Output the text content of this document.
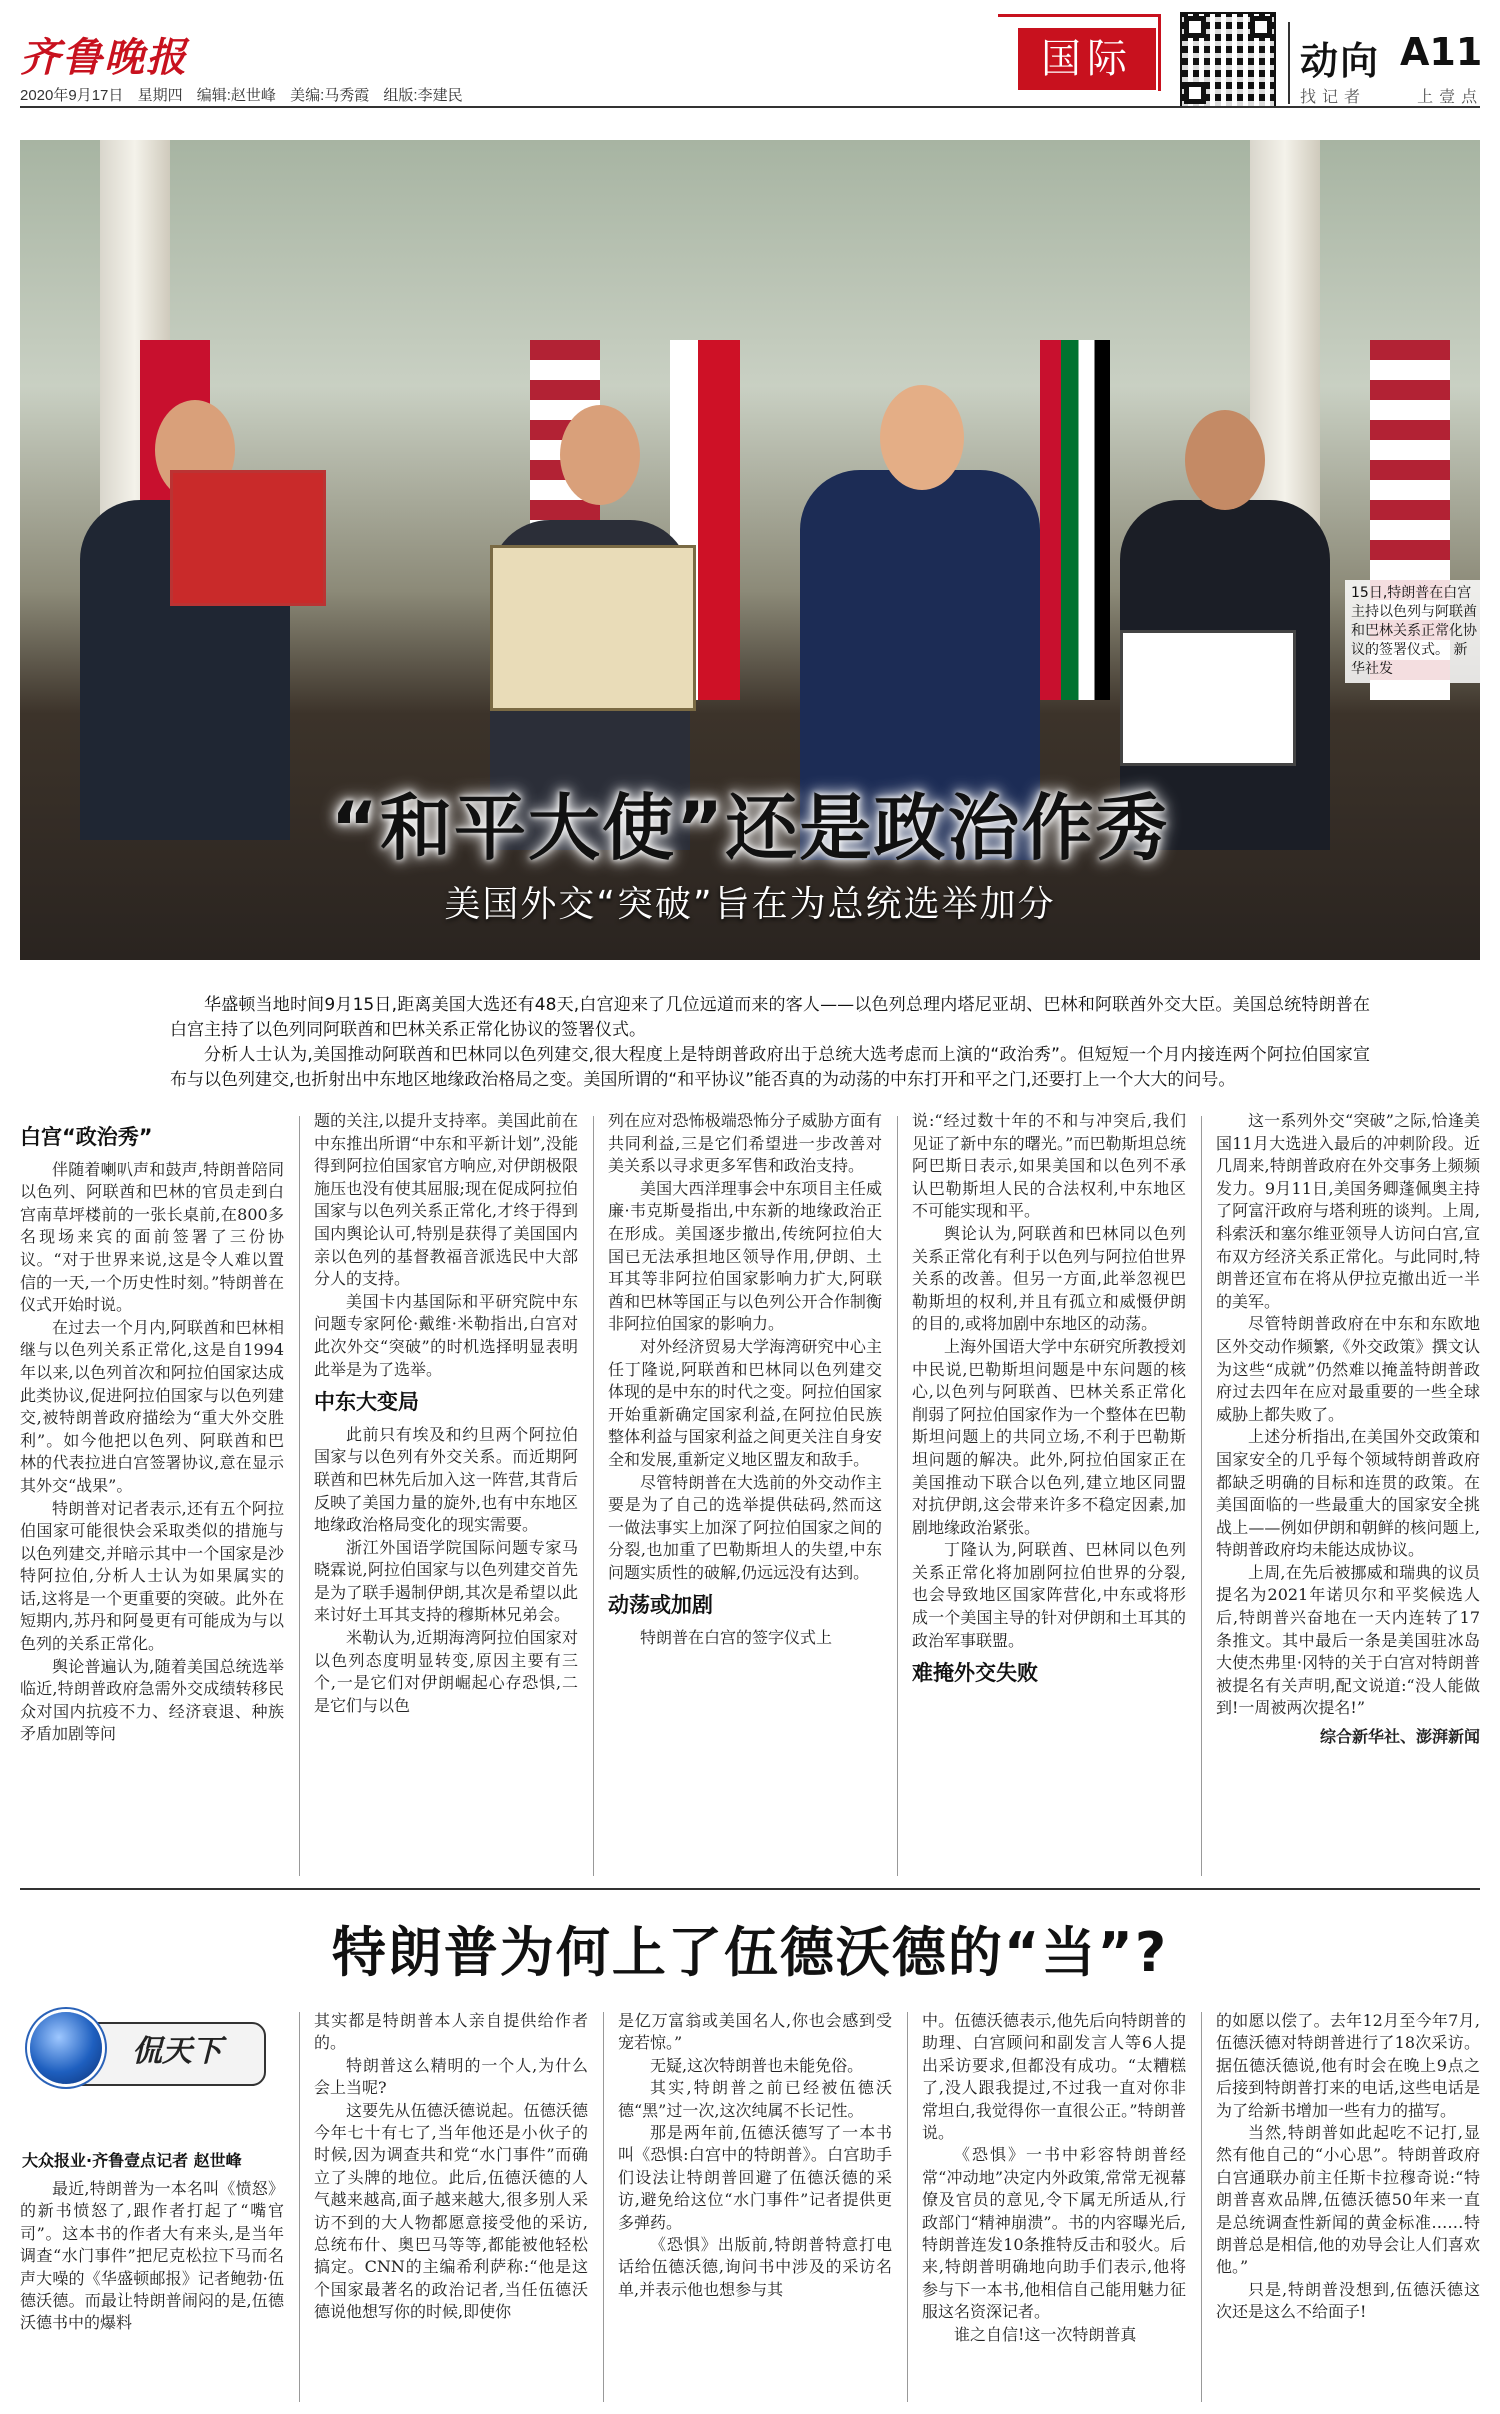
齐鲁晚报
2020年9月17日 星期四 编辑:赵世峰 美编:马秀霞 组版:李建民
国际	动向 A11
找记者 上壹点
15日,特朗普在白宫主持以色列与阿联酋和巴林关系正常化协议的签署仪式。 新华社发
“和平大使”还是政治作秀
美国外交“突破”旨在为总统选举加分

华盛顿当地时间9月15日,距离美国大选还有48天,白宫迎来了几位远道而来的客人——以色列总理内塔尼亚胡、巴林和阿联酋外交大臣。美国总统特朗普在白宫主持了以色列同阿联酋和巴林关系正常化协议的签署仪式。

分析人士认为,美国推动阿联酋和巴林同以色列建交,很大程度上是特朗普政府出于总统大选考虑而上演的“政治秀”。但短短一个月内接连两个阿拉伯国家宣布与以色列建交,也折射出中东地区地缘政治格局之变。美国所谓的“和平协议”能否真的为动荡的中东打开和平之门,还要打上一个大大的问号。

白宫“政治秀”

伴随着喇叭声和鼓声,特朗普陪同以色列、阿联酋和巴林的官员走到白宫南草坪楼前的一张长桌前,在800多名现场来宾的面前签署了三份协议。“对于世界来说,这是令人难以置信的一天,一个历史性时刻。”特朗普在仪式开始时说。

在过去一个月内,阿联酋和巴林相继与以色列关系正常化,这是自1994年以来,以色列首次和阿拉伯国家达成此类协议,促进阿拉伯国家与以色列建交,被特朗普政府描绘为“重大外交胜利”。如今他把以色列、阿联酋和巴林的代表拉进白宫签署协议,意在显示其外交“战果”。

特朗普对记者表示,还有五个阿拉伯国家可能很快会采取类似的措施与以色列建交,并暗示其中一个国家是沙特阿拉伯,分析人士认为如果属实的话,这将是一个更重要的突破。此外在短期内,苏丹和阿曼更有可能成为与以色列的关系正常化。

舆论普遍认为,随着美国总统选举临近,特朗普政府急需外交成绩转移民众对国内抗疫不力、经济衰退、种族矛盾加剧等问

题的关注,以提升支持率。美国此前在中东推出所谓“中东和平新计划”,没能得到阿拉伯国家官方响应,对伊朗极限施压也没有使其屈服;现在促成阿拉伯国家与以色列关系正常化,才终于得到国内舆论认可,特别是获得了美国国内亲以色列的基督教福音派选民中大部分人的支持。

美国卡内基国际和平研究院中东问题专家阿伦·戴维·米勒指出,白宫对此次外交“突破”的时机选择明显表明此举是为了选举。

中东大变局

此前只有埃及和约旦两个阿拉伯国家与以色列有外交关系。而近期阿联酋和巴林先后加入这一阵营,其背后反映了美国力量的旋外,也有中东地区地缘政治格局变化的现实需要。

浙江外国语学院国际问题专家马晓霖说,阿拉伯国家与以色列建交首先是为了联手遏制伊朗,其次是希望以此来讨好土耳其支持的穆斯林兄弟会。

米勒认为,近期海湾阿拉伯国家对以色列态度明显转变,原因主要有三个,一是它们对伊朗崛起心存恐惧,二是它们与以色

列在应对恐怖极端恐怖分子威胁方面有共同利益,三是它们希望进一步改善对美关系以寻求更多军售和政治支持。

美国大西洋理事会中东项目主任威廉·韦克斯曼指出,中东新的地缘政治正在形成。美国逐步撤出,传统阿拉伯大国已无法承担地区领导作用,伊朗、土耳其等非阿拉伯国家影响力扩大,阿联酋和巴林等国正与以色列公开合作制衡非阿拉伯国家的影响力。

对外经济贸易大学海湾研究中心主任丁隆说,阿联酋和巴林同以色列建交体现的是中东的时代之变。阿拉伯国家开始重新确定国家利益,在阿拉伯民族整体利益与国家利益之间更关注自身安全和发展,重新定义地区盟友和敌手。

尽管特朗普在大选前的外交动作主要是为了自己的选举提供砝码,然而这一做法事实上加深了阿拉伯国家之间的分裂,也加重了巴勒斯坦人的失望,中东问题实质性的破解,仍远远没有达到。

动荡或加剧

特朗普在白宫的签字仪式上

说:“经过数十年的不和与冲突后,我们见证了新中东的曙光。”而巴勒斯坦总统阿巴斯日表示,如果美国和以色列不承认巴勒斯坦人民的合法权利,中东地区不可能实现和平。

舆论认为,阿联酋和巴林同以色列关系正常化有利于以色列与阿拉伯世界关系的改善。但另一方面,此举忽视巴勒斯坦的权利,并且有孤立和威慑伊朗的目的,或将加剧中东地区的动荡。

上海外国语大学中东研究所教授刘中民说,巴勒斯坦问题是中东问题的核心,以色列与阿联酋、巴林关系正常化削弱了阿拉伯国家作为一个整体在巴勒斯坦问题上的共同立场,不利于巴勒斯坦问题的解决。此外,阿拉伯国家正在美国推动下联合以色列,建立地区同盟对抗伊朗,这会带来许多不稳定因素,加剧地缘政治紧张。

丁隆认为,阿联酋、巴林同以色列关系正常化将加剧阿拉伯世界的分裂,也会导致地区国家阵营化,中东或将形成一个美国主导的针对伊朗和土耳其的政治军事联盟。

难掩外交失败

这一系列外交“突破”之际,恰逢美国11月大选进入最后的冲刺阶段。近几周来,特朗普政府在外交事务上频频发力。9月11日,美国务卿蓬佩奥主持了阿富汗政府与塔利班的谈判。上周,科索沃和塞尔维亚领导人访问白宫,宣布双方经济关系正常化。与此同时,特朗普还宣布在将从伊拉克撤出近一半的美军。

尽管特朗普政府在中东和东欧地区外交动作频繁,《外交政策》撰文认为这些“成就”仍然难以掩盖特朗普政府过去四年在应对最重要的一些全球威胁上都失败了。

上述分析指出,在美国外交政策和国家安全的几乎每个领域特朗普政府都缺乏明确的目标和连贯的政策。在美国面临的一些最重大的国家安全挑战上——例如伊朗和朝鲜的核问题上,特朗普政府均未能达成协议。

上周,在先后被挪威和瑞典的议员提名为2021年诺贝尔和平奖候选人后,特朗普兴奋地在一天内连转了17条推文。其中最后一条是美国驻冰岛大使杰弗里·冈特的关于白宫对特朗普被提名有关声明,配文说道:“没人能做到!一周被两次提名!”

综合新华社、澎湃新闻
特朗普为何上了伍德沃德的“当”?
侃天下
大众报业·齐鲁壹点记者 赵世峰

最近,特朗普为一本名叫《愤怒》的新书愤怒了,跟作者打起了“嘴官司”。这本书的作者大有来头,是当年调查“水门事件”把尼克松拉下马而名声大噪的《华盛顿邮报》记者鲍勃·伍德沃德。而最让特朗普闹闷的是,伍德沃德书中的爆料

其实都是特朗普本人亲自提供给作者的。

特朗普这么精明的一个人,为什么会上当呢?

这要先从伍德沃德说起。伍德沃德今年七十有七了,当年他还是小伙子的时候,因为调查共和党“水门事件”而确立了头牌的地位。此后,伍德沃德的人气越来越高,面子越来越大,很多别人采访不到的大人物都愿意接受他的采访,总统布什、奥巴马等等,都能被他轻松搞定。CNN的主编希利萨称:“他是这个国家最著名的政治记者,当任伍德沃德说他想写你的时候,即使你

是亿万富翁或美国名人,你也会感到受宠若惊。”

无疑,这次特朗普也未能免俗。

其实,特朗普之前已经被伍德沃德“黑”过一次,这次纯属不长记性。

那是两年前,伍德沃德写了一本书叫《恐惧:白宫中的特朗普》。白宫助手们设法让特朗普回避了伍德沃德的采访,避免给这位“水门事件”记者提供更多弹药。

《恐惧》出版前,特朗普特意打电话给伍德沃德,询问书中涉及的采访名单,并表示他也想参与其

中。伍德沃德表示,他先后向特朗普的助理、白宫顾问和副发言人等6人提出采访要求,但都没有成功。“太糟糕了,没人跟我提过,不过我一直对你非常坦白,我觉得你一直很公正。”特朗普说。

《恐惧》一书中彩容特朗普经常“冲动地”决定内外政策,常常无视幕僚及官员的意见,令下属无所适从,行政部门“精神崩溃”。书的内容曝光后,特朗普连发10条推特反击和驳火。后来,特朗普明确地向助手们表示,他将参与下一本书,他相信自己能用魅力征服这名资深记者。

谁之自信!这一次特朗普真

的如愿以偿了。去年12月至今年7月,伍德沃德对特朗普进行了18次采访。据伍德沃德说,他有时会在晚上9点之后接到特朗普打来的电话,这些电话是为了给新书增加一些有力的描写。

当然,特朗普如此起吃不记打,显然有他自己的“小心思”。特朗普政府白宫通联办前主任斯卡拉穆奇说:“特朗普喜欢品牌,伍德沃德50年来一直是总统调查性新闻的黄金标准……特朗普总是相信,他的劝导会让人们喜欢他。”

只是,特朗普没想到,伍德沃德这次还是这么不给面子!
